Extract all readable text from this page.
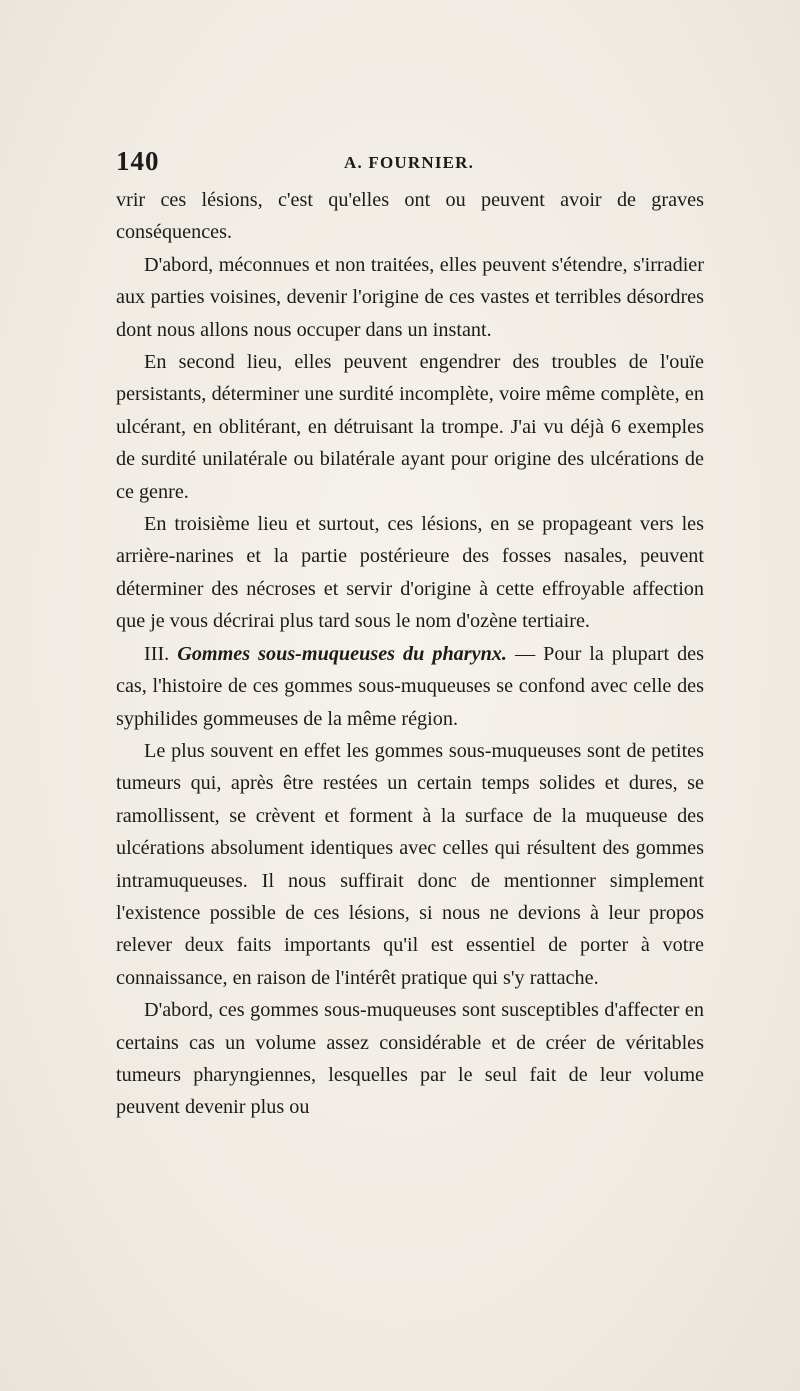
140	A. FOURNIER.

vrir ces lésions, c'est qu'elles ont ou peuvent avoir de graves conséquences.

D'abord, méconnues et non traitées, elles peuvent s'étendre, s'irradier aux parties voisines, devenir l'origine de ces vastes et terribles désordres dont nous allons nous occuper dans un instant.

En second lieu, elles peuvent engendrer des troubles de l'ouïe persistants, déterminer une surdité incomplète, voire même complète, en ulcérant, en oblitérant, en détruisant la trompe. J'ai vu déjà 6 exemples de surdité unilatérale ou bilatérale ayant pour origine des ulcérations de ce genre.

En troisième lieu et surtout, ces lésions, en se propageant vers les arrière-narines et la partie postérieure des fosses nasales, peuvent déterminer des nécroses et servir d'origine à cette effroyable affection que je vous décrirai plus tard sous le nom d'ozène tertiaire.

III. Gommes sous-muqueuses du pharynx. — Pour la plupart des cas, l'histoire de ces gommes sous-muqueuses se confond avec celle des syphilides gommeuses de la même région.

Le plus souvent en effet les gommes sous-muqueuses sont de petites tumeurs qui, après être restées un certain temps solides et dures, se ramollissent, se crèvent et forment à la surface de la muqueuse des ulcérations absolument identiques avec celles qui résultent des gommes intramuqueuses. Il nous suffirait donc de mentionner simplement l'existence possible de ces lésions, si nous ne devions à leur propos relever deux faits importants qu'il est essentiel de porter à votre connaissance, en raison de l'intérêt pratique qui s'y rattache.

D'abord, ces gommes sous-muqueuses sont susceptibles d'affecter en certains cas un volume assez considérable et de créer de véritables tumeurs pharyngiennes, lesquelles par le seul fait de leur volume peuvent devenir plus ou
